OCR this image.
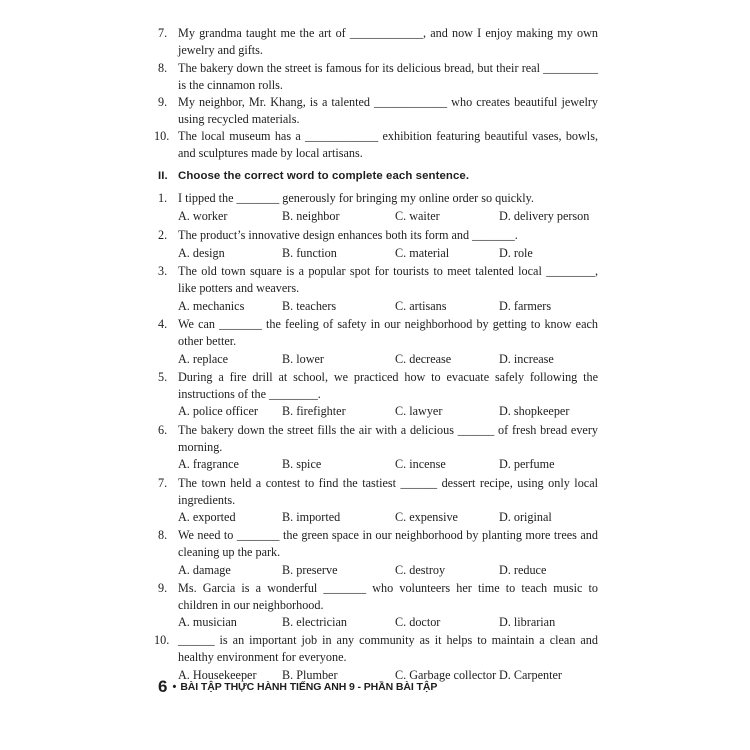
7. My grandma taught me the art of ____________, and now I enjoy making my own jewelry and gifts.
8. The bakery down the street is famous for its delicious bread, but their real _________ is the cinnamon rolls.
9. My neighbor, Mr. Khang, is a talented ____________ who creates beautiful jewelry using recycled materials.
10. The local museum has a ____________ exhibition featuring beautiful vases, bowls, and sculptures made by local artisans.
II. Choose the correct word to complete each sentence.
1. I tipped the _______ generously for bringing my online order so quickly.
A. worker	B. neighbor	C. waiter	D. delivery person
2. The product’s innovative design enhances both its form and _______.
A. design	B. function	C. material	D. role
3. The old town square is a popular spot for tourists to meet talented local ________, like potters and weavers.
A. mechanics	B. teachers	C. artisans	D. farmers
4. We can _______ the feeling of safety in our neighborhood by getting to know each other better.
A. replace	B. lower	C. decrease	D. increase
5. During a fire drill at school, we practiced how to evacuate safely following the instructions of the ________.
A. police officer B. firefighter	C. lawyer	D. shopkeeper
6. The bakery down the street fills the air with a delicious ______ of fresh bread every morning.
A. fragrance	B. spice	C. incense	D. perfume
7. The town held a contest to find the tastiest ______ dessert recipe, using only local ingredients.
A. exported	B. imported	C. expensive	D. original
8. We need to _______ the green space in our neighborhood by planting more trees and cleaning up the park.
A. damage	B. preserve	C. destroy	D. reduce
9. Ms. Garcia is a wonderful _______ who volunteers her time to teach music to children in our neighborhood.
A. musician	B. electrician	C. doctor	D. librarian
10. ______ is an important job in any community as it helps to maintain a clean and healthy environment for everyone.
A. Housekeeper B. Plumber	C. Garbage collector D. Carpenter
6 • BÀI TẬP THỰC HÀNH TIẾNG ANH 9 - PHẦN BÀI TẬP
